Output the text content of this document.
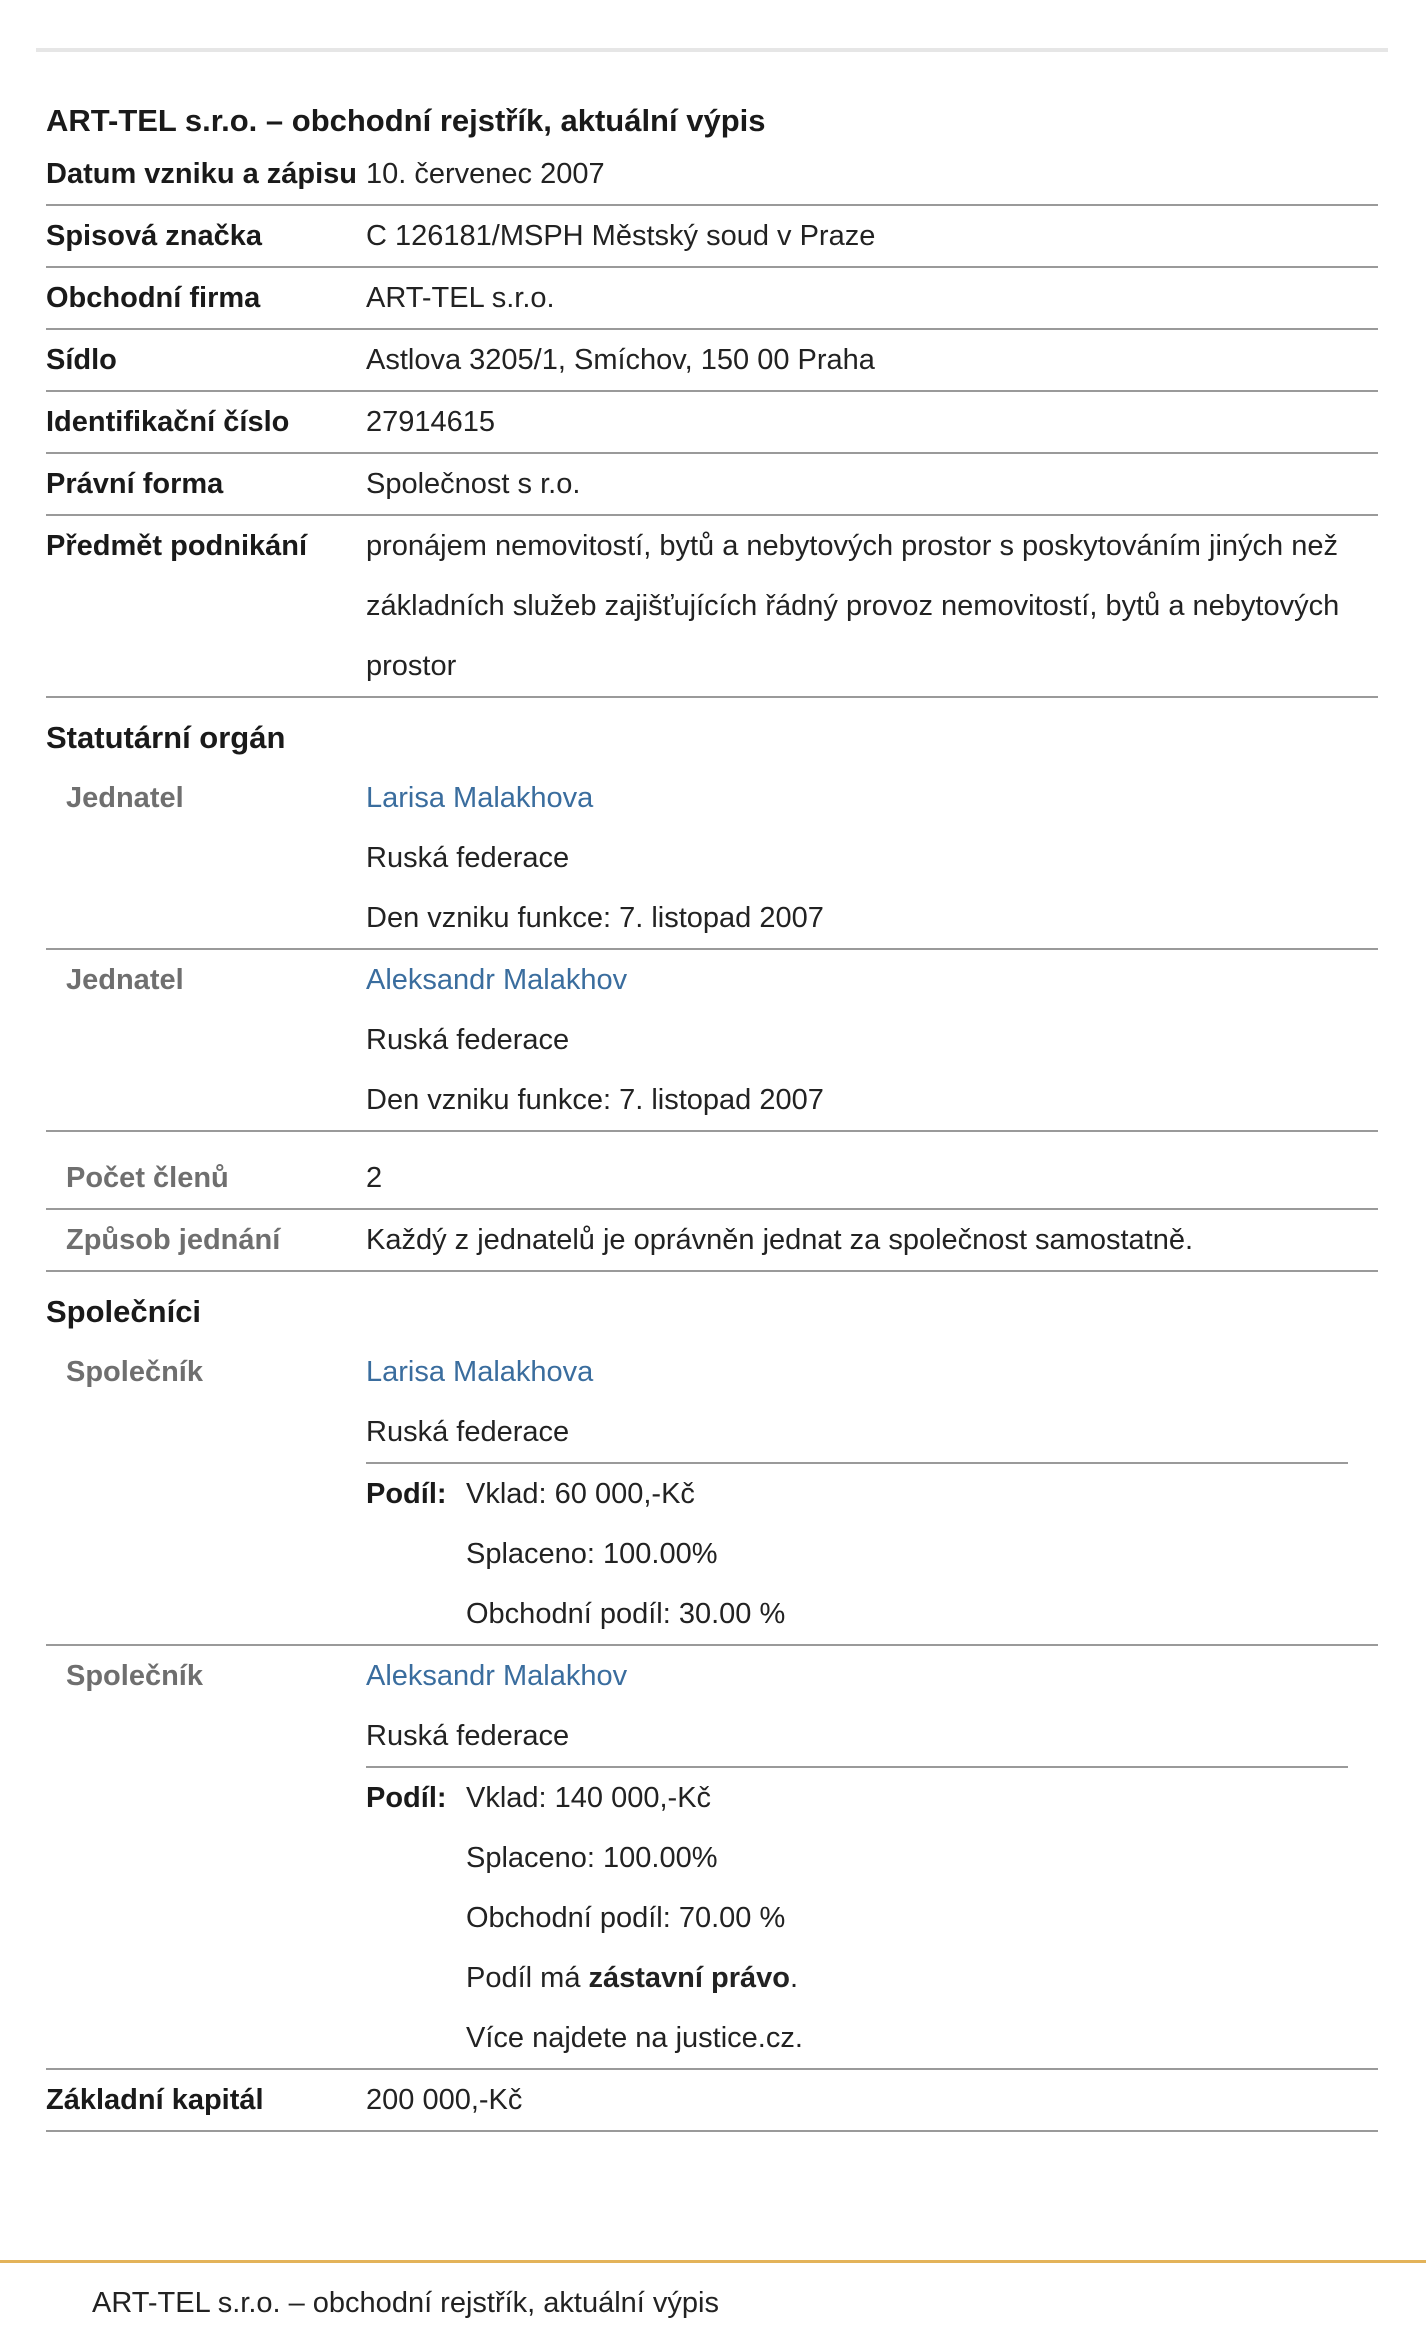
ART-TEL s.r.o. – obchodní rejstřík, aktuální výpis
Datum vzniku a zápisu 10. červenec 2007
Spisová značka	C 126181/MSPH Městský soud v Praze
Obchodní firma	ART-TEL s.r.o.
Sídlo	Astlova 3205/1, Smíchov, 150 00 Praha
Identifikační číslo	27914615
Právní forma	Společnost s r.o.
Předmět podnikání	pronájem nemovitostí, bytů a nebytových prostor s poskytováním jiných než základních služeb zajišťujících řádný provoz nemovitostí, bytů a nebytových prostor
Statutární orgán
Jednatel	Larisa Malakhova
Ruská federace
Den vzniku funkce: 7. listopad 2007
Jednatel	Aleksandr Malakhov
Ruská federace
Den vzniku funkce: 7. listopad 2007
Počet členů	2
Způsob jednání	Každý z jednatelů je oprávněn jednat za společnost samostatně.
Společníci
Společník	Larisa Malakhova
Ruská federace
Podíl: Vklad: 60 000,-Kč
Splaceno: 100.00%
Obchodní podíl: 30.00 %
Společník	Aleksandr Malakhov
Ruská federace
Podíl: Vklad: 140 000,-Kč
Splaceno: 100.00%
Obchodní podíl: 70.00 %
Podíl má zástavní právo.
Více najdete na justice.cz.
Základní kapitál	200 000,-Kč
ART-TEL s.r.o. – obchodní rejstřík, aktuální výpis
